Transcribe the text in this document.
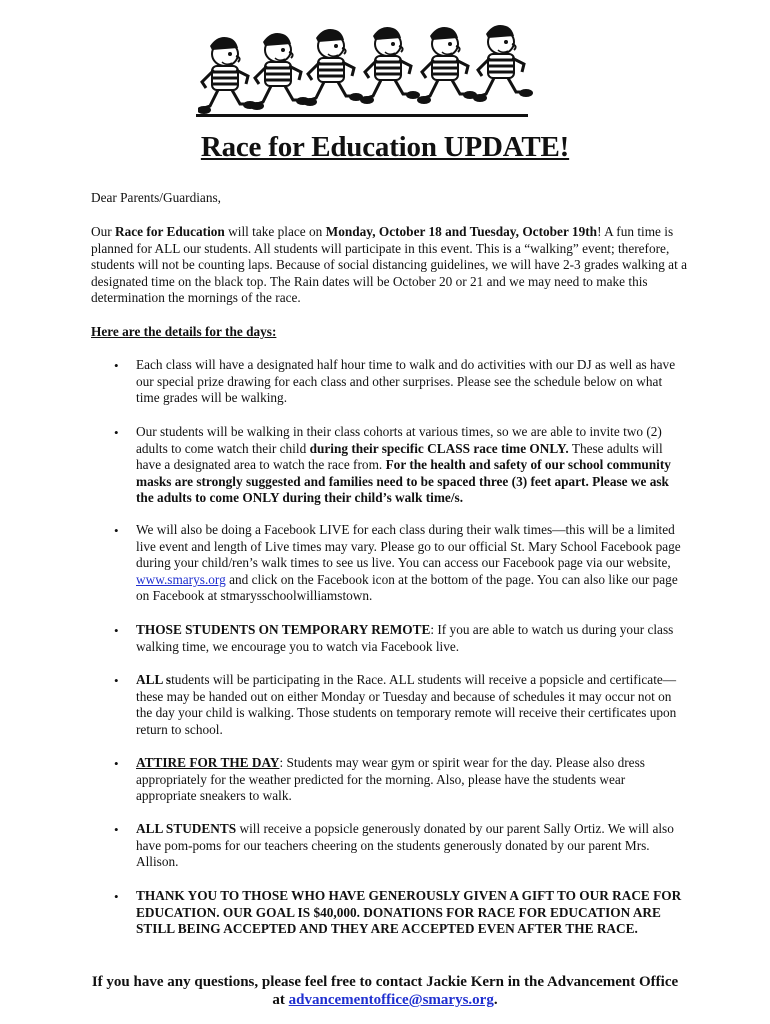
Race for Education UPDATE!
Dear Parents/Guardians,
Our Race for Education will take place on Monday, October 18 and Tuesday, October 19th! A fun time is planned for ALL our students. All students will participate in this event. This is a “walking” event; therefore, students will not be counting laps. Because of social distancing guidelines, we will have 2-3 grades walking at a designated time on the black top. The Rain dates will be October 20 or 21 and we may need to make this determination the mornings of the race.
Here are the details for the days:
• Each class will have a designated half hour time to walk and do activities with our DJ as well as have our special prize drawing for each class and other surprises. Please see the schedule below on what time grades will be walking.
• Our students will be walking in their class cohorts at various times, so we are able to invite two (2) adults to come watch their child during their specific CLASS race time ONLY. These adults will have a designated area to watch the race from. For the health and safety of our school community masks are strongly suggested and families need to be spaced three (3) feet apart. Please we ask the adults to come ONLY during their child’s walk time/s.
• We will also be doing a Facebook LIVE for each class during their walk times—this will be a limited live event and length of Live times may vary. Please go to our official St. Mary School Facebook page during your child/ren’s walk times to see us live. You can access our Facebook page via our website, www.smarys.org and click on the Facebook icon at the bottom of the page. You can also like our page on Facebook at stmarysschoolwilliamstown.
• THOSE STUDENTS ON TEMPORARY REMOTE: If you are able to watch us during your class walking time, we encourage you to watch via Facebook live.
• ALL students will be participating in the Race. ALL students will receive a popsicle and certificate—these may be handed out on either Monday or Tuesday and because of schedules it may occur not on the day your child is walking. Those students on temporary remote will receive their certificates upon return to school.
• ATTIRE FOR THE DAY: Students may wear gym or spirit wear for the day. Please also dress appropriately for the weather predicted for the morning. Also, please have the students wear appropriate sneakers to walk.
• ALL STUDENTS will receive a popsicle generously donated by our parent Sally Ortiz. We will also have pom-poms for our teachers cheering on the students generously donated by our parent Mrs. Allison.
• THANK YOU TO THOSE WHO HAVE GENEROUSLY GIVEN A GIFT TO OUR RACE FOR EDUCATION. OUR GOAL IS $40,000. DONATIONS FOR RACE FOR EDUCATION ARE STILL BEING ACCEPTED AND THEY ARE ACCEPTED EVEN AFTER THE RACE.
If you have any questions, please feel free to contact Jackie Kern in the Advancement Office at advancementoffice@smarys.org.
